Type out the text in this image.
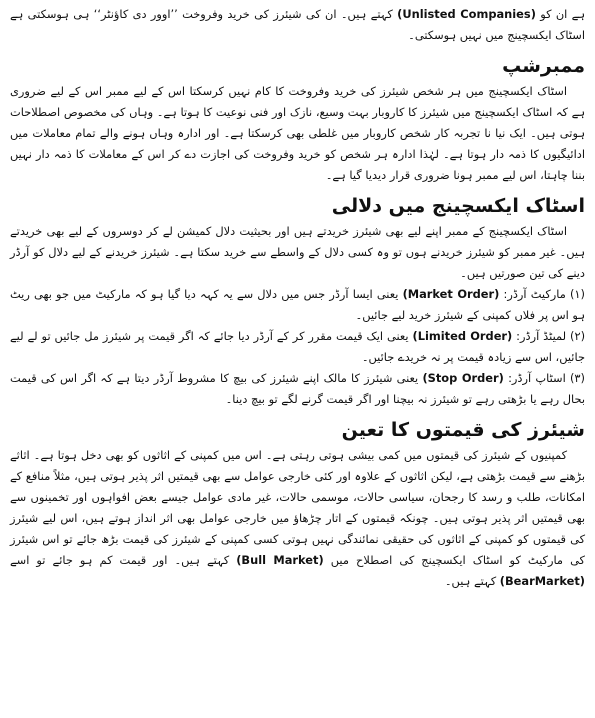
ہے ان کو (Unlisted Companies) کہتے ہیں۔ ان کی شیئرز کی خرید وفروخت ’’اوور دی کاؤنٹر‘‘ ہی ہوسکتی ہے اسٹاک ایکسچینج میں نہیں ہوسکتی۔

ممبرشپ

اسٹاک ایکسچینج میں ہر شخص شیئرز کی خرید وفروخت کا کام نہیں کرسکتا اس کے لیے ممبر اس کے لیے ضروری ہے کہ اسٹاک ایکسچینج میں شیئرز کا کاروبار بہت وسیع، نازک اور فنی نوعیت کا ہوتا ہے۔ وہاں کی مخصوص اصطلاحات ہوتی ہیں۔ ایک نیا نا تجربہ کار شخص کاروبار میں غلطی بھی کرسکتا ہے۔ اور ادارہ وہاں ہونے والے تمام معاملات میں ادائیگیوں کا ذمہ دار ہوتا ہے۔ لہٰذا ادارہ ہر شخص کو خرید وفروخت کی اجازت دے کر اس کے معاملات کا ذمہ دار نہیں بننا چاہتا، اس لیے ممبر ہونا ضروری قرار دیدیا گیا ہے۔

اسٹاک ایکسچینج میں دلالی

اسٹاک ایکسچینج کے ممبر اپنے لیے بھی شیئرز خریدتے ہیں اور بحیثیت دلال کمیشن لے کر دوسروں کے لیے بھی خریدتے ہیں۔ غیر ممبر کو شیئرز خریدنے ہوں تو وہ کسی دلال کے واسطے سے خرید سکتا ہے۔ شیئرز خریدنے کے لیے دلال کو آرڈر دینے کی تین صورتیں ہیں۔

(۱) مارکیٹ آرڈر: (Market Order) یعنی ایسا آرڈر جس میں دلال سے یہ کہہ دیا گیا ہو کہ مارکیٹ میں جو بھی ریٹ ہو اس پر فلاں کمپنی کے شیئرز خرید لیے جائیں۔

(۲) لمیٹڈ آرڈر: (Limited Order) یعنی ایک قیمت مقرر کر کے آرڈر دیا جائے کہ اگر قیمت پر شیئرز مل جائیں تو لے لیے جائیں، اس سے زیادہ قیمت پر نہ خریدے جائیں۔

(۳) اسٹاپ آرڈر: (Stop Order) یعنی شیئرز کا مالک اپنے شیئرز کی بیچ کا مشروط آرڈر دیتا ہے کہ اگر اس کی قیمت بحال رہے یا بڑھتی رہے تو شیئرز نہ بیچنا اور اگر قیمت گرنے لگے تو بیچ دینا۔

شیئرز کی قیمتوں کا تعین

کمپنیوں کے شیئرز کی قیمتوں میں کمی بیشی ہوتی رہتی ہے۔ اس میں کمپنی کے اثاثوں کو بھی دخل ہوتا ہے۔ اثاثے بڑھنے سے قیمت بڑھتی ہے، لیکن اثاثوں کے علاوہ اور کئی خارجی عوامل سے بھی قیمتیں اثر پذیر ہوتی ہیں، مثلاً منافع کے امکانات، طلب و رسد کا رجحان، سیاسی حالات، موسمی حالات، غیر مادی عوامل جیسے بعض افواہوں اور تخمینوں سے بھی قیمتیں اثر پذیر ہوتی ہیں۔ چونکہ قیمتوں کے اتار چڑھاؤ میں خارجی عوامل بھی اثر انداز ہوتے ہیں، اس لیے شیئرز کی قیمتوں کو کمپنی کے اثاثوں کی حقیقی نمائندگی نہیں ہوتی کسی کمپنی کے شیئرز کی قیمت بڑھ جائے تو اس شیئرز کی مارکیٹ کو اسٹاک ایکسچینج کی اصطلاح میں (Bull Market) کہتے ہیں۔ اور قیمت کم ہو جائے تو اسے (BearMarket) کہتے ہیں۔
